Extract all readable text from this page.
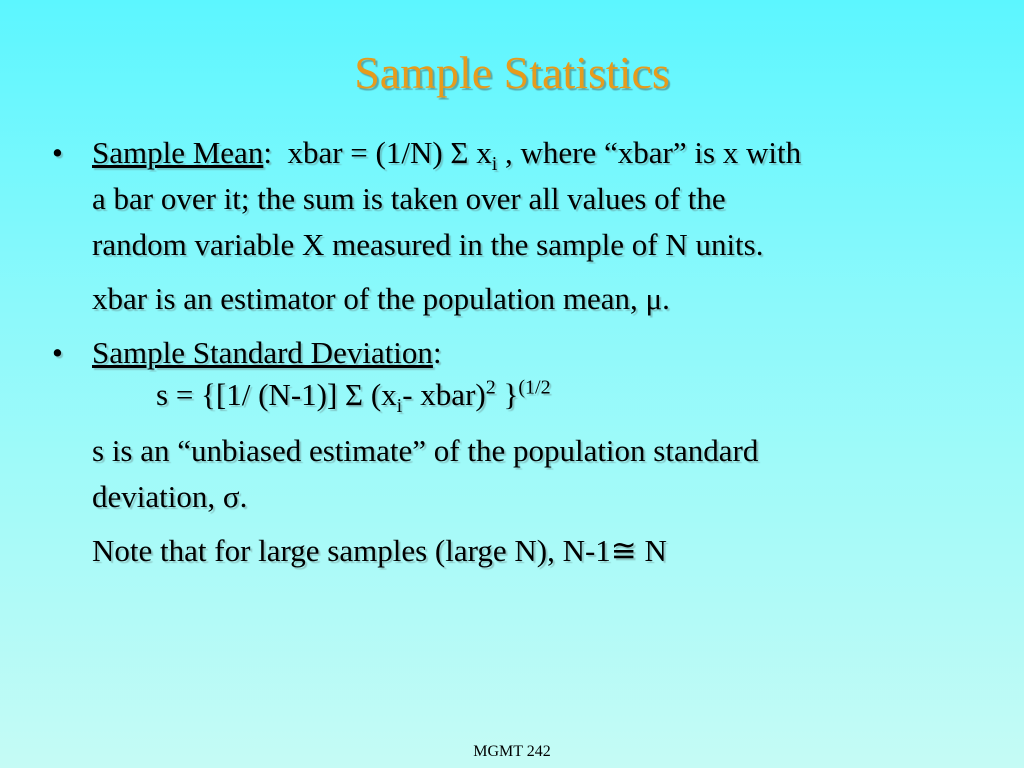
Sample Statistics
• Sample Mean:  xbar = (1/N) Σ $x_i$ , where “xbar” is x with
a bar over it; the sum is taken over all values of the
random variable X measured in the sample of N units.
xbar is an estimator of the population mean, μ.
• Sample Standard Deviation:
s = {[1/ (N-1)] Σ ($x_i-$ xbar)$^2$ }$^{(1/2}$
s is an “unbiased estimate” of the population standard
deviation, σ.
Note that for large samples (large N), N-1≅ N
MGMT 242
